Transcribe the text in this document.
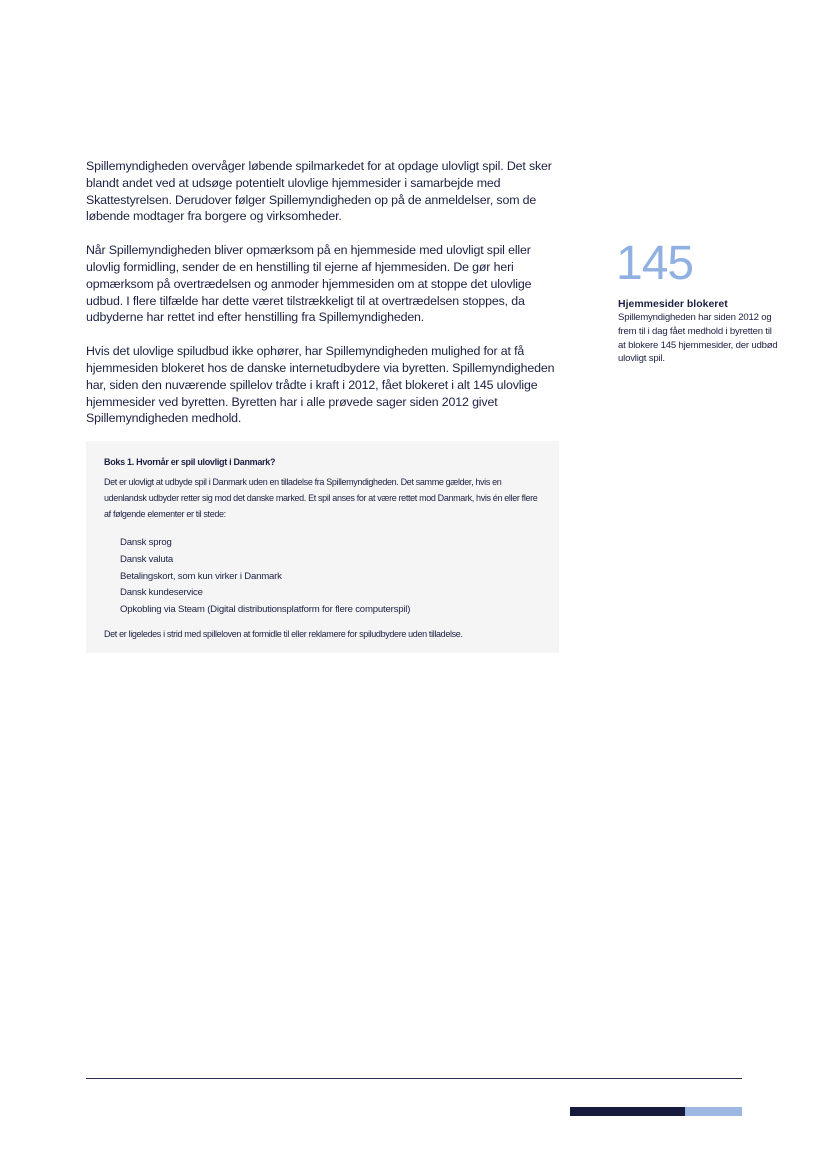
Spillemyndigheden overvåger løbende spilmarkedet for at opdage ulovligt spil. Det sker blandt andet ved at udsøge potentielt ulovlige hjemmesider i samarbejde med Skattestyrelsen. Derudover følger Spillemyndigheden op på de anmeldelser, som de løbende modtager fra borgere og virksomheder.

Når Spillemyndigheden bliver opmærksom på en hjemmeside med ulovligt spil eller ulovlig formidling, sender de en henstilling til ejerne af hjemmesiden. De gør heri opmærksom på overtrædelsen og anmoder hjemmesiden om at stoppe det ulovlige udbud. I flere tilfælde har dette været tilstrækkeligt til at overtrædelsen stoppes, da udbyderne har rettet ind efter henstilling fra Spillemyndigheden.

Hvis det ulovlige spiludbud ikke ophører, har Spillemyndigheden mulighed for at få hjemmesiden blokeret hos de danske internetudbydere via byretten. Spillemyndigheden har, siden den nuværende spillelov trådte i kraft i 2012, fået blokeret i alt 145 ulovlige hjemmesider ved byretten. Byretten har i alle prøvede sager siden 2012 givet Spillemyndigheden medhold.

Boks 1. Hvornår er spil ulovligt i Danmark?

Det er ulovligt at udbyde spil i Danmark uden en tilladelse fra Spillemyndigheden. Det samme gælder, hvis en udenlandsk udbyder retter sig mod det danske marked. Et spil anses for at være rettet mod Danmark, hvis én eller flere af følgende elementer er til stede:

Dansk sprog
Dansk valuta
Betalingskort, som kun virker i Danmark
Dansk kundeservice
Opkobling via Steam (Digital distributionsplatform for flere computerspil)

Det er ligeledes i strid med spilleloven at formidle til eller reklamere for spiludbydere uden tilladelse.

145

Hjemmesider blokeret

Spillemyndigheden har siden 2012 og frem til i dag fået medhold i byretten til at blokere 145 hjemmesider, der udbød ulovligt spil.
